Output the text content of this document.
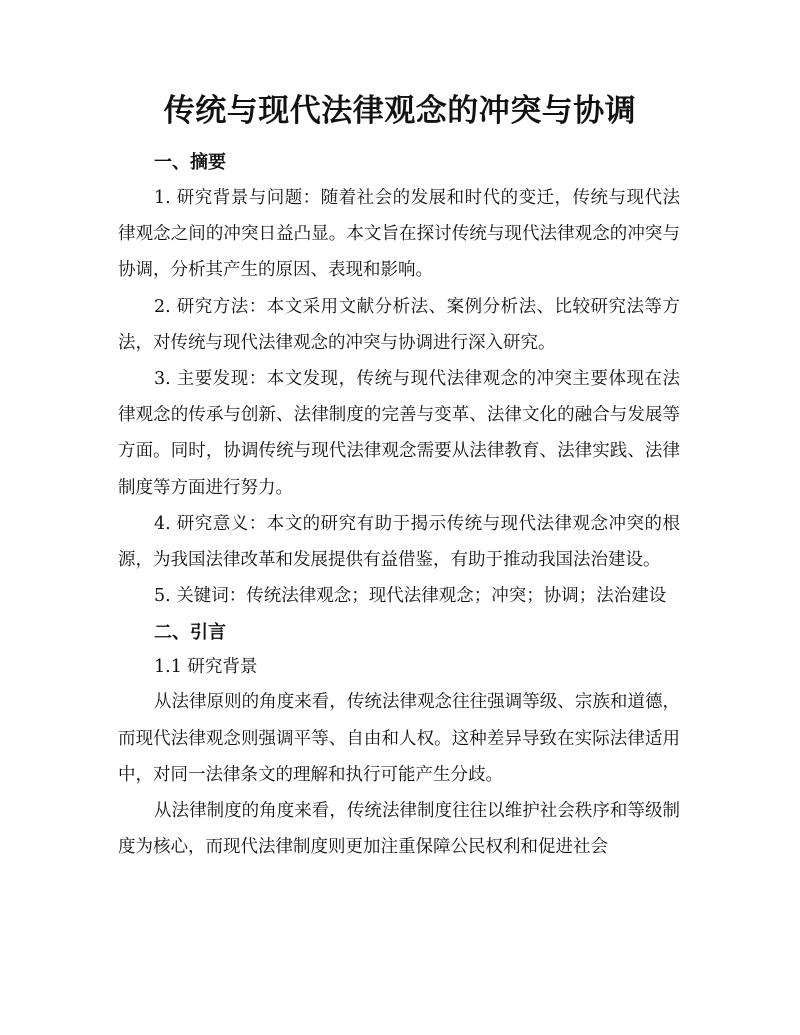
传统与现代法律观念的冲突与协调

一、摘要

1. 研究背景与问题：随着社会的发展和时代的变迁，传统与现代法律观念之间的冲突日益凸显。本文旨在探讨传统与现代法律观念的冲突与协调，分析其产生的原因、表现和影响。

2. 研究方法：本文采用文献分析法、案例分析法、比较研究法等方法，对传统与现代法律观念的冲突与协调进行深入研究。

3. 主要发现：本文发现，传统与现代法律观念的冲突主要体现在法律观念的传承与创新、法律制度的完善与变革、法律文化的融合与发展等方面。同时，协调传统与现代法律观念需要从法律教育、法律实践、法律制度等方面进行努力。

4. 研究意义：本文的研究有助于揭示传统与现代法律观念冲突的根源，为我国法律改革和发展提供有益借鉴，有助于推动我国法治建设。

5. 关键词：传统法律观念；现代法律观念；冲突；协调；法治建设

二、引言

1.1 研究背景

从法律原则的角度来看，传统法律观念往往强调等级、宗族和道德，而现代法律观念则强调平等、自由和人权。这种差异导致在实际法律适用中，对同一法律条文的理解和执行可能产生分歧。

从法律制度的角度来看，传统法律制度往往以维护社会秩序和等级制度为核心，而现代法律制度则更加注重保障公民权利和促进社会
